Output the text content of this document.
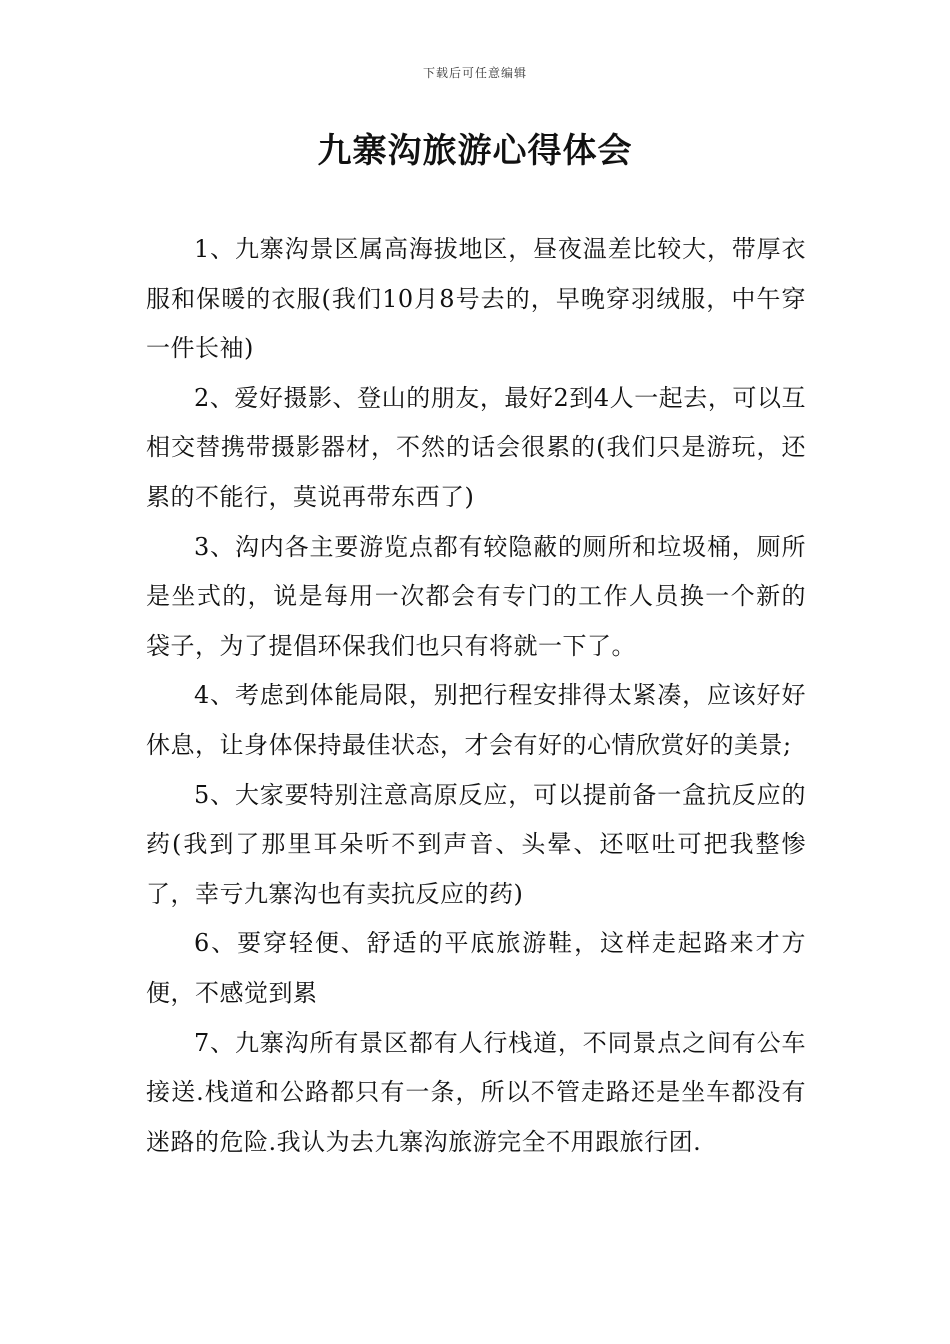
下载后可任意编辑
九寨沟旅游心得体会

1、九寨沟景区属高海拔地区，昼夜温差比较大，带厚衣服和保暖的衣服(我们10月8号去的，早晚穿羽绒服，中午穿一件长袖)

2、爱好摄影、登山的朋友，最好2到4人一起去，可以互相交替携带摄影器材，不然的话会很累的(我们只是游玩，还累的不能行，莫说再带东西了)

3、沟内各主要游览点都有较隐蔽的厕所和垃圾桶，厕所是坐式的，说是每用一次都会有专门的工作人员换一个新的袋子，为了提倡环保我们也只有将就一下了。

4、考虑到体能局限，别把行程安排得太紧凑，应该好好休息，让身体保持最佳状态，才会有好的心情欣赏好的美景;

5、大家要特别注意高原反应，可以提前备一盒抗反应的药(我到了那里耳朵听不到声音、头晕、还呕吐可把我整惨了，幸亏九寨沟也有卖抗反应的药)

6、要穿轻便、舒适的平底旅游鞋，这样走起路来才方便，不感觉到累

7、九寨沟所有景区都有人行栈道，不同景点之间有公车接送.栈道和公路都只有一条，所以不管走路还是坐车都没有迷路的危险.我认为去九寨沟旅游完全不用跟旅行团.
